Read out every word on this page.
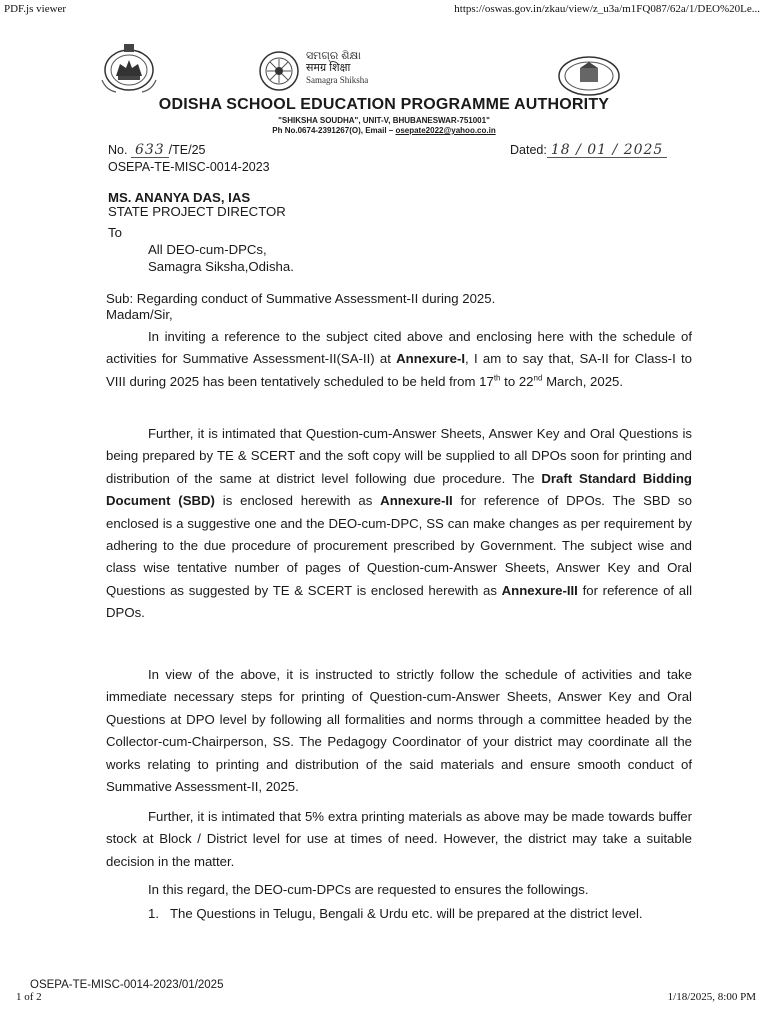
PDF.js viewer	https://oswas.gov.in/zkau/view/z_u3a/m1FQ087/62a/1/DEO%20Le...
1 of 2	1/18/2025, 8:00 PM
ସମଗ୍ର ଶିକ୍ଷା
समग्र शिक्षा
Samagra Shiksha
ODISHA SCHOOL EDUCATION PROGRAMME AUTHORITY
"SHIKSHA SOUDHA", UNIT-V, BHUBANESWAR-751001"
Ph No.0674-2391267(O), Email – osepate2022@yahoo.co.in
No. 633 /TE/25
OSEPA-TE-MISC-0014-2023
Dated: 18 / 01 / 2025
MS. ANANYA DAS, IAS
STATE PROJECT DIRECTOR
To
All DEO-cum-DPCs,
Samagra Siksha,Odisha.
Sub: Regarding conduct of Summative Assessment-II during 2025.
Madam/Sir,
In inviting a reference to the subject cited above and enclosing here with the schedule of activities for Summative Assessment-II(SA-II) at Annexure-I, I am to say that, SA-II for Class-I to VIII during 2025 has been tentatively scheduled to be held from 17th to 22nd March, 2025.
Further, it is intimated that Question-cum-Answer Sheets, Answer Key and Oral Questions is being prepared by TE & SCERT and the soft copy will be supplied to all DPOs soon for printing and distribution of the same at district level following due procedure. The Draft Standard Bidding Document (SBD) is enclosed herewith as Annexure-II for reference of DPOs. The SBD so enclosed is a suggestive one and the DEO-cum-DPC, SS can make changes as per requirement by adhering to the due procedure of procurement prescribed by Government. The subject wise and class wise tentative number of pages of Question-cum-Answer Sheets, Answer Key and Oral Questions as suggested by TE & SCERT is enclosed herewith as Annexure-III for reference of all DPOs.
In view of the above, it is instructed to strictly follow the schedule of activities and take immediate necessary steps for printing of Question-cum-Answer Sheets, Answer Key and Oral Questions at DPO level by following all formalities and norms through a committee headed by the Collector-cum-Chairperson, SS. The Pedagogy Coordinator of your district may coordinate all the works relating to printing and distribution of the said materials and ensure smooth conduct of Summative Assessment-II, 2025.
Further, it is intimated that 5% extra printing materials as above may be made towards buffer stock at Block / District level for use at times of need. However, the district may take a suitable decision in the matter.
In this regard, the DEO-cum-DPCs are requested to ensures the followings.
1. The Questions in Telugu, Bengali & Urdu etc. will be prepared at the district level.
OSEPA-TE-MISC-0014-2023/01/2025
